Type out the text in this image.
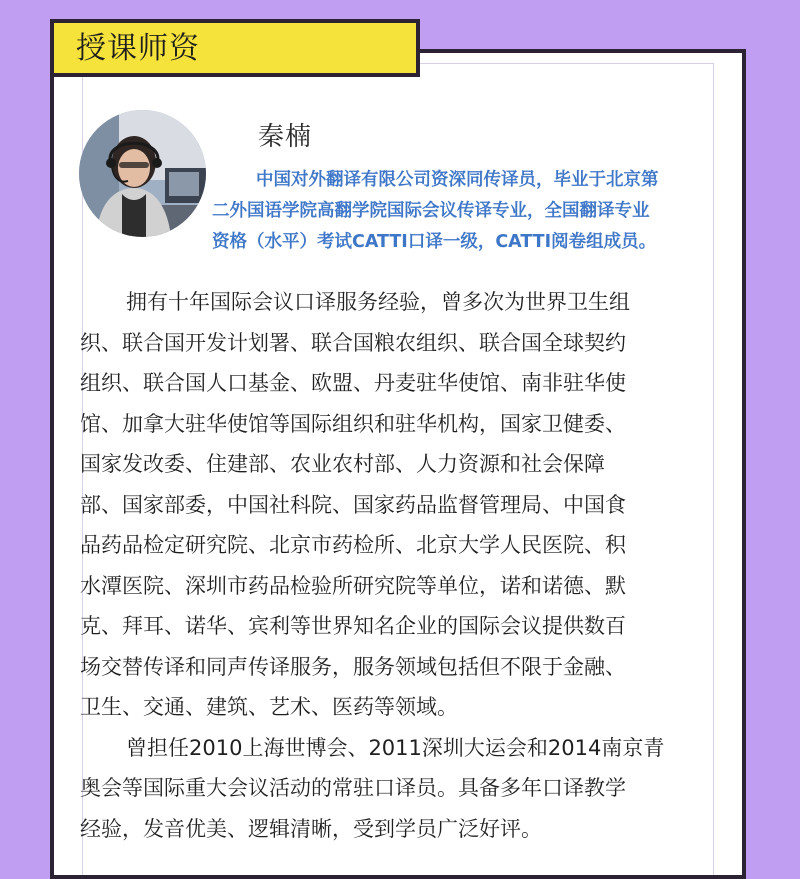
授课师资
秦楠
中国对外翻译有限公司资深同传译员，毕业于北京第
二外国语学院高翻学院国际会议传译专业，全国翻译专业
资格（水平）考试CATTI口译一级，CATTI阅卷组成员。
拥有十年国际会议口译服务经验，曾多次为世界卫生组
织、联合国开发计划署、联合国粮农组织、联合国全球契约
组织、联合国人口基金、欧盟、丹麦驻华使馆、南非驻华使
馆、加拿大驻华使馆等国际组织和驻华机构，国家卫健委、
国家发改委、住建部、农业农村部、人力资源和社会保障
部、国家部委，中国社科院、国家药品监督管理局、中国食
品药品检定研究院、北京市药检所、北京大学人民医院、积
水潭医院、深圳市药品检验所研究院等单位，诺和诺德、默
克、拜耳、诺华、宾利等世界知名企业的国际会议提供数百
场交替传译和同声传译服务，服务领域包括但不限于金融、
卫生、交通、建筑、艺术、医药等领域。
曾担任2010上海世博会、2011深圳大运会和2014南京青
奥会等国际重大会议活动的常驻口译员。具备多年口译教学
经验，发音优美、逻辑清晰，受到学员广泛好评。
